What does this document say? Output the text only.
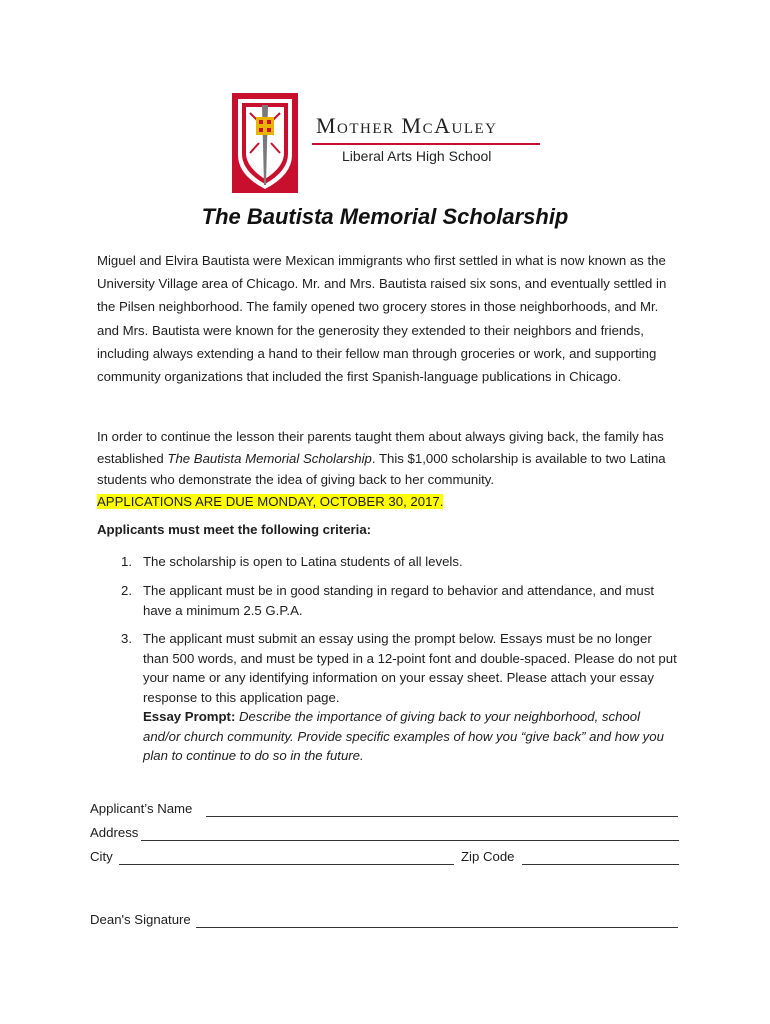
Mother McAuley
Liberal Arts High School
The Bautista Memorial Scholarship

Miguel and Elvira Bautista were Mexican immigrants who first settled in what is now known as the University Village area of Chicago. Mr. and Mrs. Bautista raised six sons, and eventually settled in the Pilsen neighborhood. The family opened two grocery stores in those neighborhoods, and Mr. and Mrs. Bautista were known for the generosity they extended to their neighbors and friends, including always extending a hand to their fellow man through groceries or work, and supporting community organizations that included the first Spanish-language publications in Chicago.

In order to continue the lesson their parents taught them about always giving back, the family has established The Bautista Memorial Scholarship. This $1,000 scholarship is available to two Latina students who demonstrate the idea of giving back to her community.
APPLICATIONS ARE DUE MONDAY, OCTOBER 30, 2017.

Applicants must meet the following criteria:
1. The scholarship is open to Latina students of all levels.
2. The applicant must be in good standing in regard to behavior and attendance, and must have a minimum 2.5 G.P.A.
3. The applicant must submit an essay using the prompt below. Essays must be no longer than 500 words, and must be typed in a 12-point font and double-spaced. Please do not put your name or any identifying information on your essay sheet. Please attach your essay response to this application page.
Essay Prompt: Describe the importance of giving back to your neighborhood, school and/or church community. Provide specific examples of how you “give back” and how you plan to continue to do so in the future.
Applicant’s Name
Address
City	Zip Code
Dean's Signature
